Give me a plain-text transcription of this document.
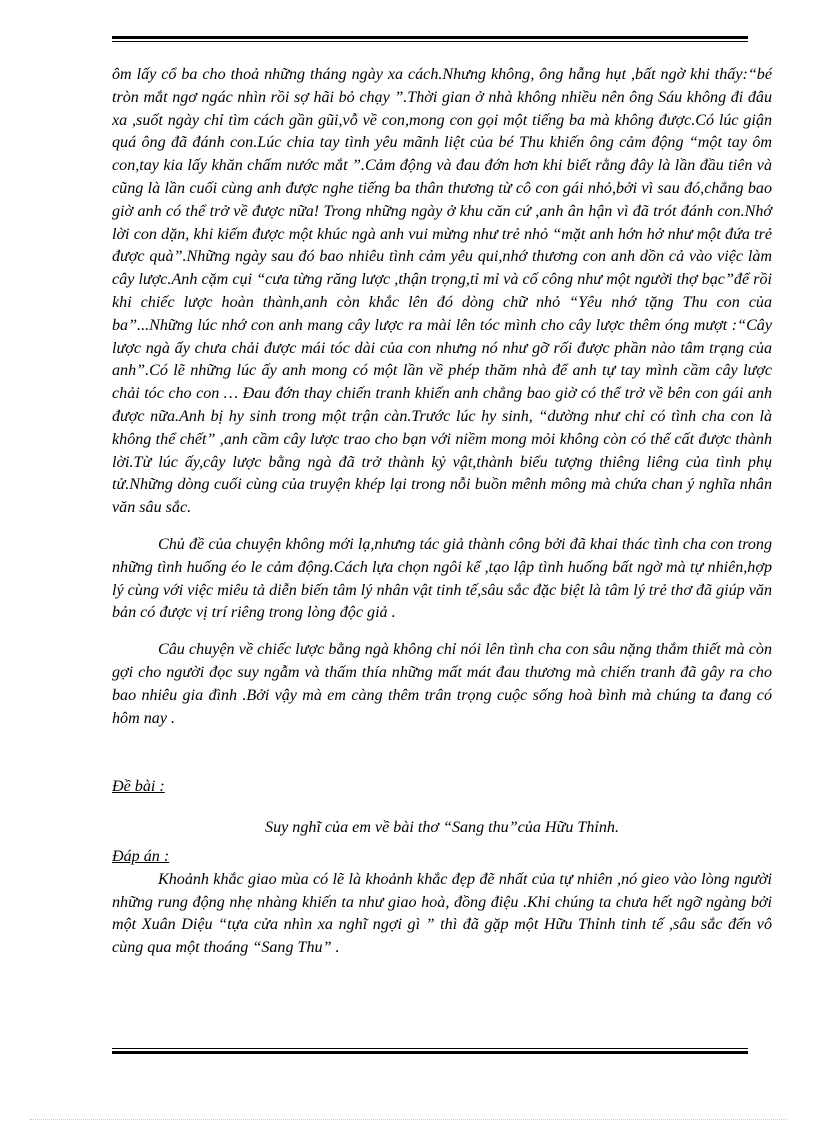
ôm lấy cổ ba cho thoả những tháng ngày xa cách.Nhưng không, ông hẫng hụt ,bất ngờ khi thấy:“bé tròn mắt ngơ ngác nhìn rồi sợ hãi bỏ chạy ”.Thời gian ở nhà không nhiều nên ông Sáu không đi đâu xa ,suốt ngày chỉ tìm cách gần gũi,vỗ về con,mong con gọi một tiếng ba mà không được.Có lúc giận quá ông đã đánh con.Lúc chia tay tình yêu mãnh liệt của bé Thu khiến ông cảm động “một tay ôm con,tay kia lấy khăn chấm nước mắt ”.Cảm động và đau đớn hơn khi biết rằng đây là lần đầu tiên và cũng là lần cuối cùng anh được nghe tiếng ba thân thương từ cô con gái nhỏ,bởi vì sau đó,chẳng bao giờ anh có thể trở về được nữa! Trong những ngày ở khu căn cứ ,anh ân hận vì đã trót đánh con.Nhớ lời con dặn, khi kiếm được một khúc ngà anh vui mừng như trẻ nhỏ “mặt anh hớn hở như một đứa trẻ được quà”.Những ngày sau đó bao nhiêu tình cảm yêu qui,nhớ thương con anh dồn cả vào việc làm cây lược.Anh cặm cụi “cưa từng răng lược ,thận trọng,tỉ mỉ và cố công như một người thợ bạc”để rồi khi chiếc lược hoàn thành,anh còn khắc lên đó dòng chữ nhỏ “Yêu nhớ tặng Thu con của ba”...Những lúc nhớ con anh mang cây lược ra mài lên tóc mình cho cây lược thêm óng mượt :“Cây lược ngà ấy chưa chải được mái tóc dài của con nhưng nó như gỡ rối được phần nào tâm trạng của anh”.Có lẽ những lúc ấy anh mong có một lần về phép thăm nhà để anh tự tay mình cầm cây lược chải tóc cho con … Đau đớn thay chiến tranh khiến anh chẳng bao giờ có thể trở về bên con gái anh được nữa.Anh bị hy sinh trong một trận càn.Trước lúc hy sinh, “dường như chỉ có tình cha con là không thể chết” ,anh cầm cây lược trao cho bạn với niềm mong mỏi không còn có thể cất được thành lời.Từ lúc ấy,cây lược bằng ngà đã trở thành kỷ vật,thành biểu tượng thiêng liêng của tình phụ tử.Những dòng cuối cùng của truyện khép lại trong nỗi buồn mênh mông mà chứa chan ý nghĩa nhân văn sâu sắc.

Chủ đề của chuyện không mới lạ,nhưng tác giả thành công bởi đã khai thác tình cha con trong những tình huống éo le cảm động.Cách lựa chọn ngôi kể ,tạo lập tình huống bất ngờ mà tự nhiên,hợp lý cùng với việc miêu tả diễn biến tâm lý nhân vật tinh tế,sâu sắc đặc biệt là tâm lý trẻ thơ đã giúp văn bản có được vị trí riêng trong lòng độc giả .

Câu chuyện về chiếc lược bằng ngà không chỉ nói lên tình cha con sâu nặng thắm thiết mà còn gợi cho người đọc suy ngẫm và thấm thía những mất mát đau thương mà chiến tranh đã gây ra cho bao nhiêu gia đình .Bởi vậy mà em càng thêm trân trọng cuộc sống hoà bình mà chúng ta đang có hôm nay .

Đề bài :

Suy nghĩ của em về bài thơ “Sang thu”của Hữu Thỉnh.

Đáp án :

Khoảnh khắc giao mùa có lẽ là khoảnh khắc đẹp đẽ nhất của tự nhiên ,nó gieo vào lòng người những rung động nhẹ nhàng khiến ta như giao hoà, đồng điệu .Khi chúng ta chưa hết ngỡ ngàng bởi một Xuân Diệu “tựa cửa nhìn xa nghĩ ngợi gì ” thì đã gặp một Hữu Thỉnh tinh tế ,sâu sắc đến vô cùng qua một thoáng “Sang Thu” .
